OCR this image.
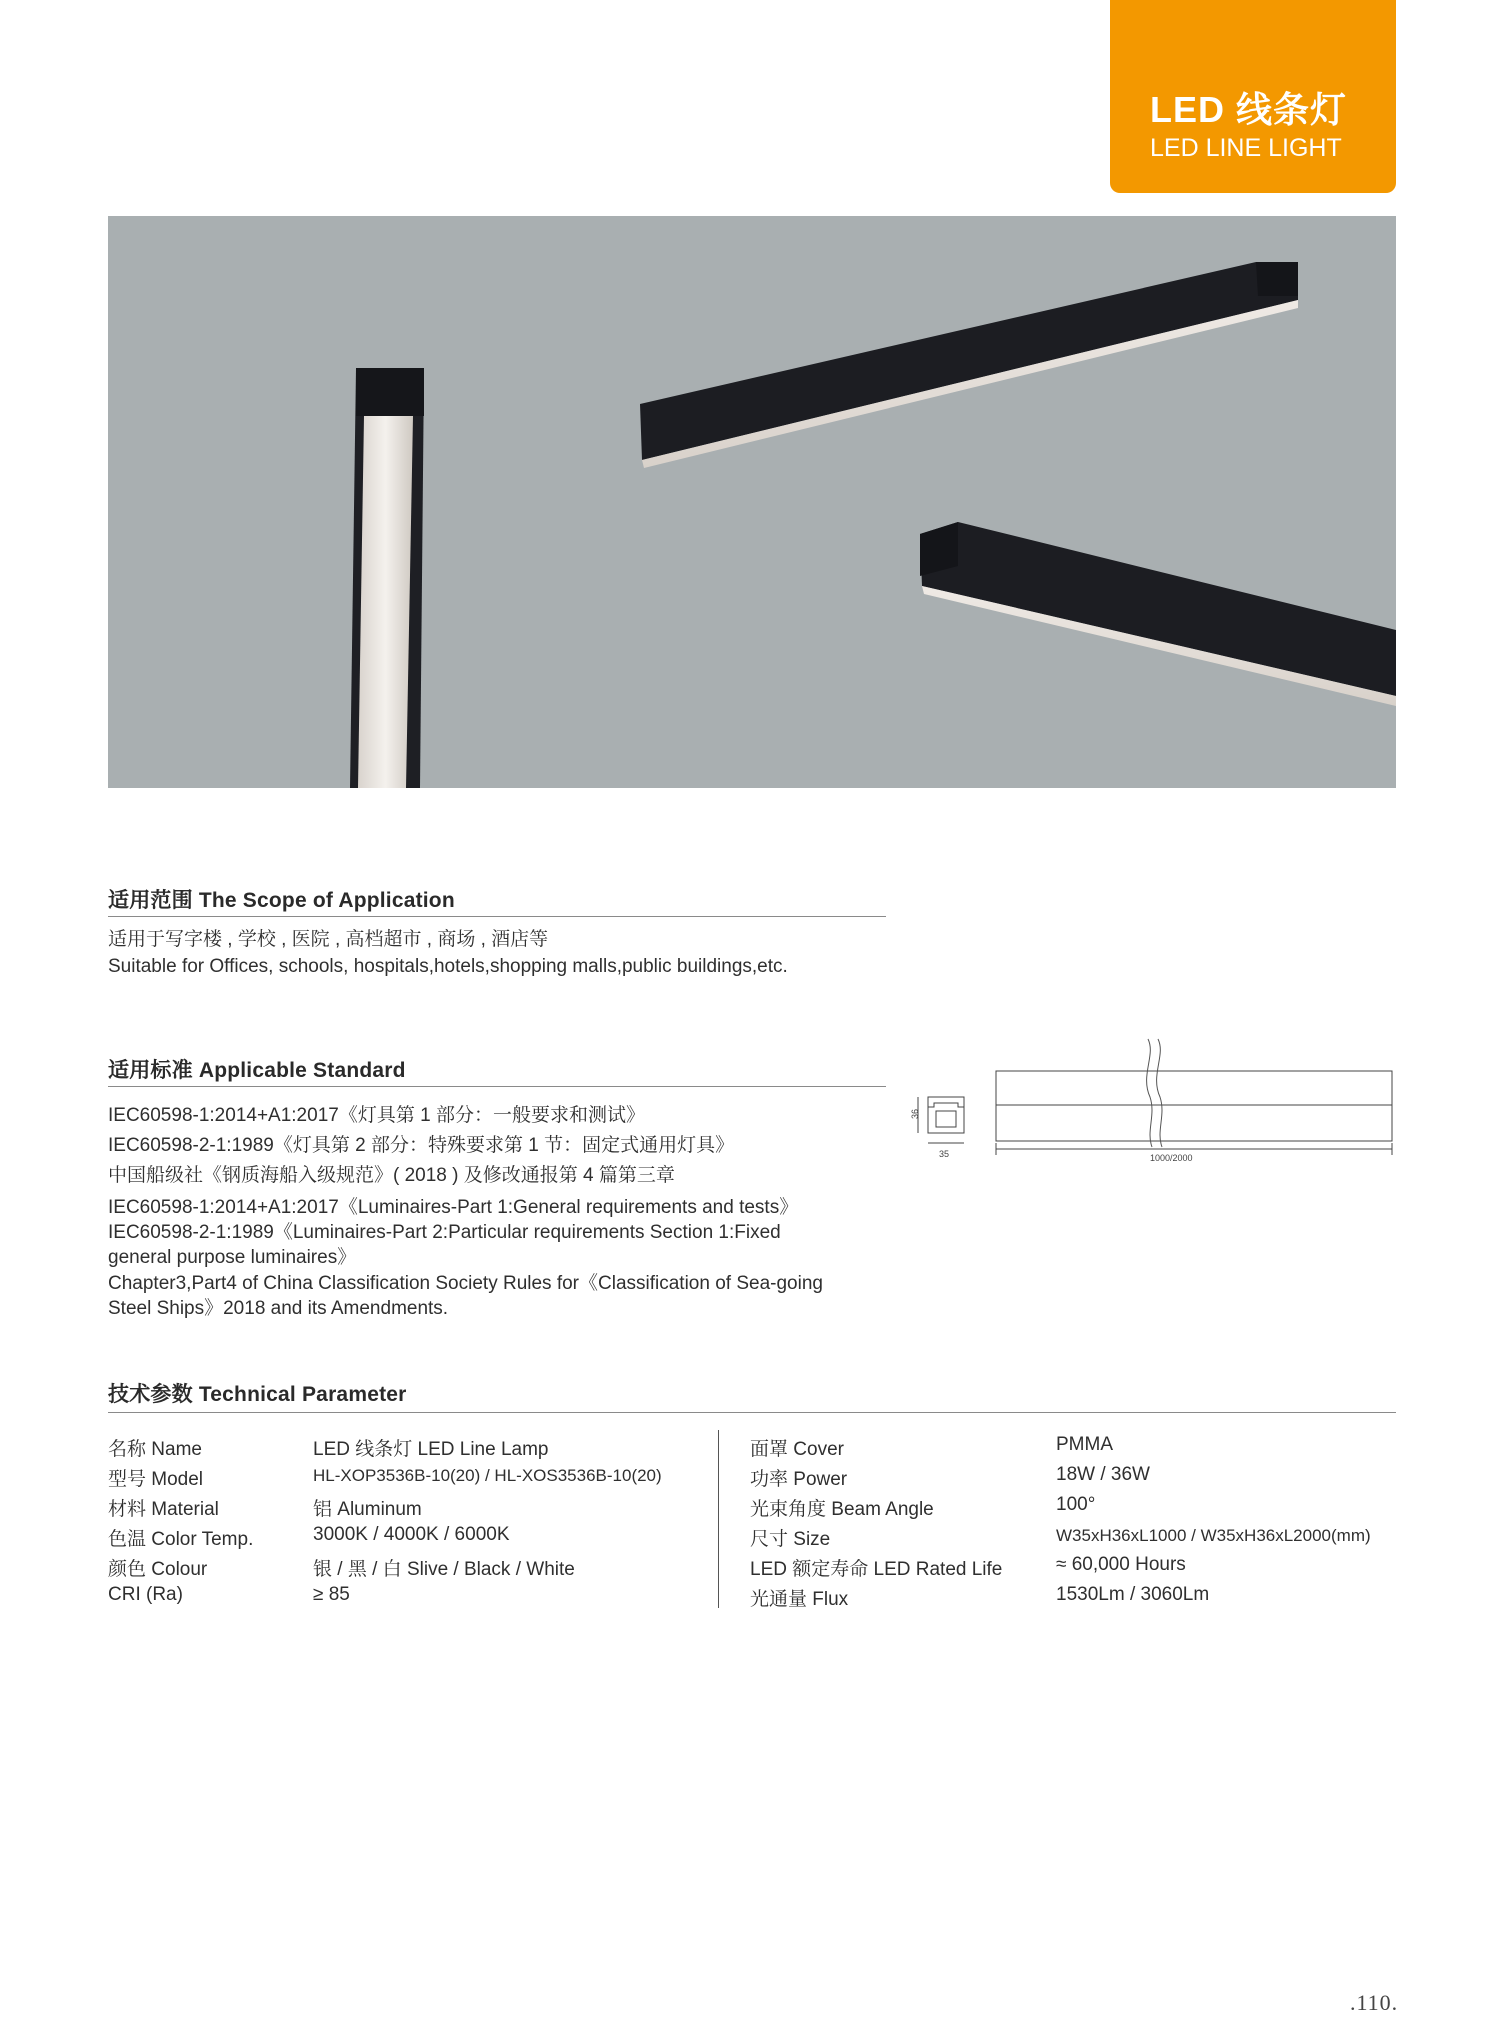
LED 线条灯
LED LINE LIGHT
适用范围 The Scope of Application
适用于写字楼 , 学校 , 医院 , 高档超市 , 商场 , 酒店等
Suitable for Offices, schools, hospitals,hotels,shopping malls,public buildings,etc.
适用标准 Applicable Standard
IEC60598-1:2014+A1:2017《灯具第 1 部分：一般要求和测试》
IEC60598-2-1:1989《灯具第 2 部分：特殊要求第 1 节：固定式通用灯具》
中国船级社《钢质海船入级规范》( 2018 ) 及修改通报第 4 篇第三章
IEC60598-1:2014+A1:2017《Luminaires-Part 1:General requirements and tests》
IEC60598-2-1:1989《Luminaires-Part 2:Particular requirements Section 1:Fixed
general purpose luminaires》
Chapter3,Part4 of China Classification Society Rules for《Classification of Sea-going
Steel Ships》2018 and its Amendments.
36
35	1000/2000
技术参数 Technical Parameter
名称 Name	LED 线条灯 LED Line Lamp
型号 Model	HL-XOP3536B-10(20) / HL-XOS3536B-10(20)
材料 Material	铝 Aluminum
色温 Color Temp.	3000K / 4000K / 6000K
颜色 Colour	银 / 黑 / 白 Slive / Black / White
CRI (Ra)	≥ 85
面罩 Cover	PMMA
功率 Power	18W / 36W
光束角度 Beam Angle	100°
尺寸 Size	W35xH36xL1000 / W35xH36xL2000(mm)
LED 额定寿命 LED Rated Life	≈ 60,000 Hours
光通量 Flux	1530Lm / 3060Lm
.110.
